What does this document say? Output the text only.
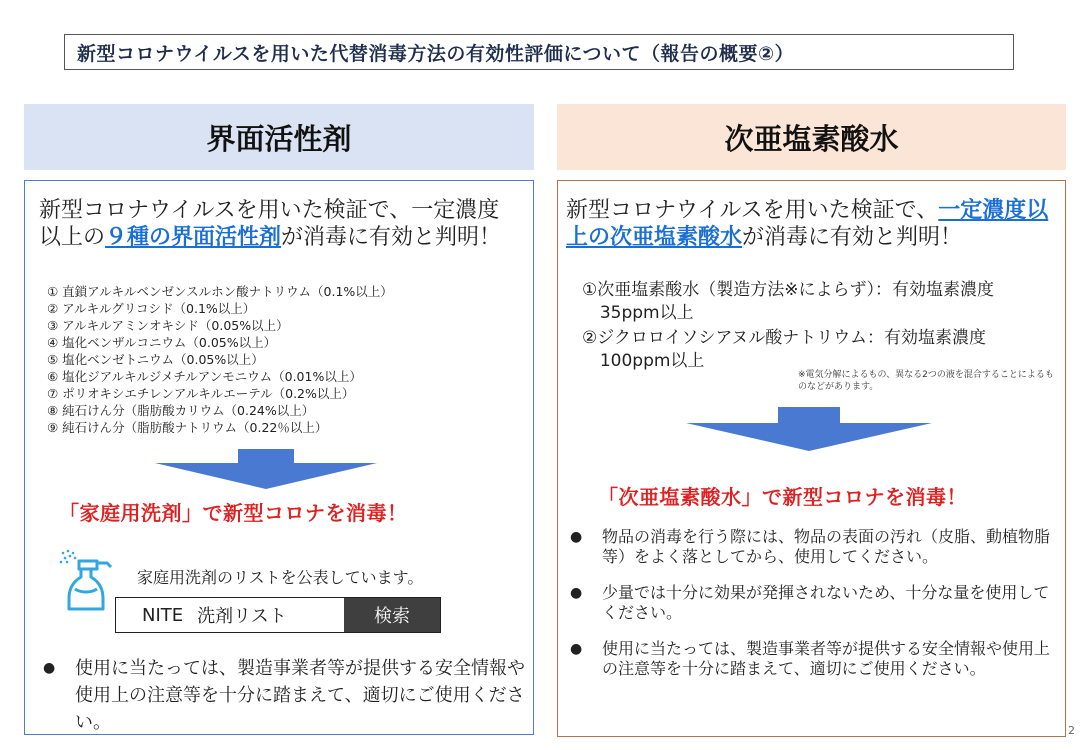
新型コロナウイルスを用いた代替消毒方法の有効性評価について（報告の概要②）
界面活性剤	次亜塩素酸水
新型コロナウイルスを用いた検証で、一定濃度以上の９種の界面活性剤が消毒に有効と判明！
① 直鎖アルキルベンゼンスルホン酸ナトリウム（0.1%以上）
② アルキルグリコシド（0.1%以上）
③ アルキルアミンオキシド（0.05%以上）
④ 塩化ベンザルコニウム（0.05%以上）
⑤ 塩化ベンゼトニウム（0.05%以上）
⑥ 塩化ジアルキルジメチルアンモニウム（0.01%以上）
⑦ ポリオキシエチレンアルキルエーテル（0.2%以上）
⑧ 純石けん分（脂肪酸カリウム（0.24%以上）
⑨ 純石けん分（脂肪酸ナトリウム（0.22％以上）
「家庭用洗剤」で新型コロナを消毒！
家庭用洗剤のリストを公表しています。
NITE 洗剤リスト	検索
● 使用に当たっては、製造事業者等が提供する安全情報や使用上の注意等を十分に踏まえて、適切にご使用ください。
新型コロナウイルスを用いた検証で、一定濃度以上の次亜塩素酸水が消毒に有効と判明！
①次亜塩素酸水（製造方法※によらず）：有効塩素濃度35ppm以上
②ジクロロイソシアヌル酸ナトリウム：有効塩素濃度100ppm以上
※電気分解によるもの、異なる2つの液を混合することによるものなどがあります。
「次亜塩素酸水」で新型コロナを消毒！
● 物品の消毒を行う際には、物品の表面の汚れ（皮脂、動植物脂等）をよく落としてから、使用してください。
● 少量では十分に効果が発揮されないため、十分な量を使用してください。
● 使用に当たっては、製造事業者等が提供する安全情報や使用上の注意等を十分に踏まえて、適切にご使用ください。
2
